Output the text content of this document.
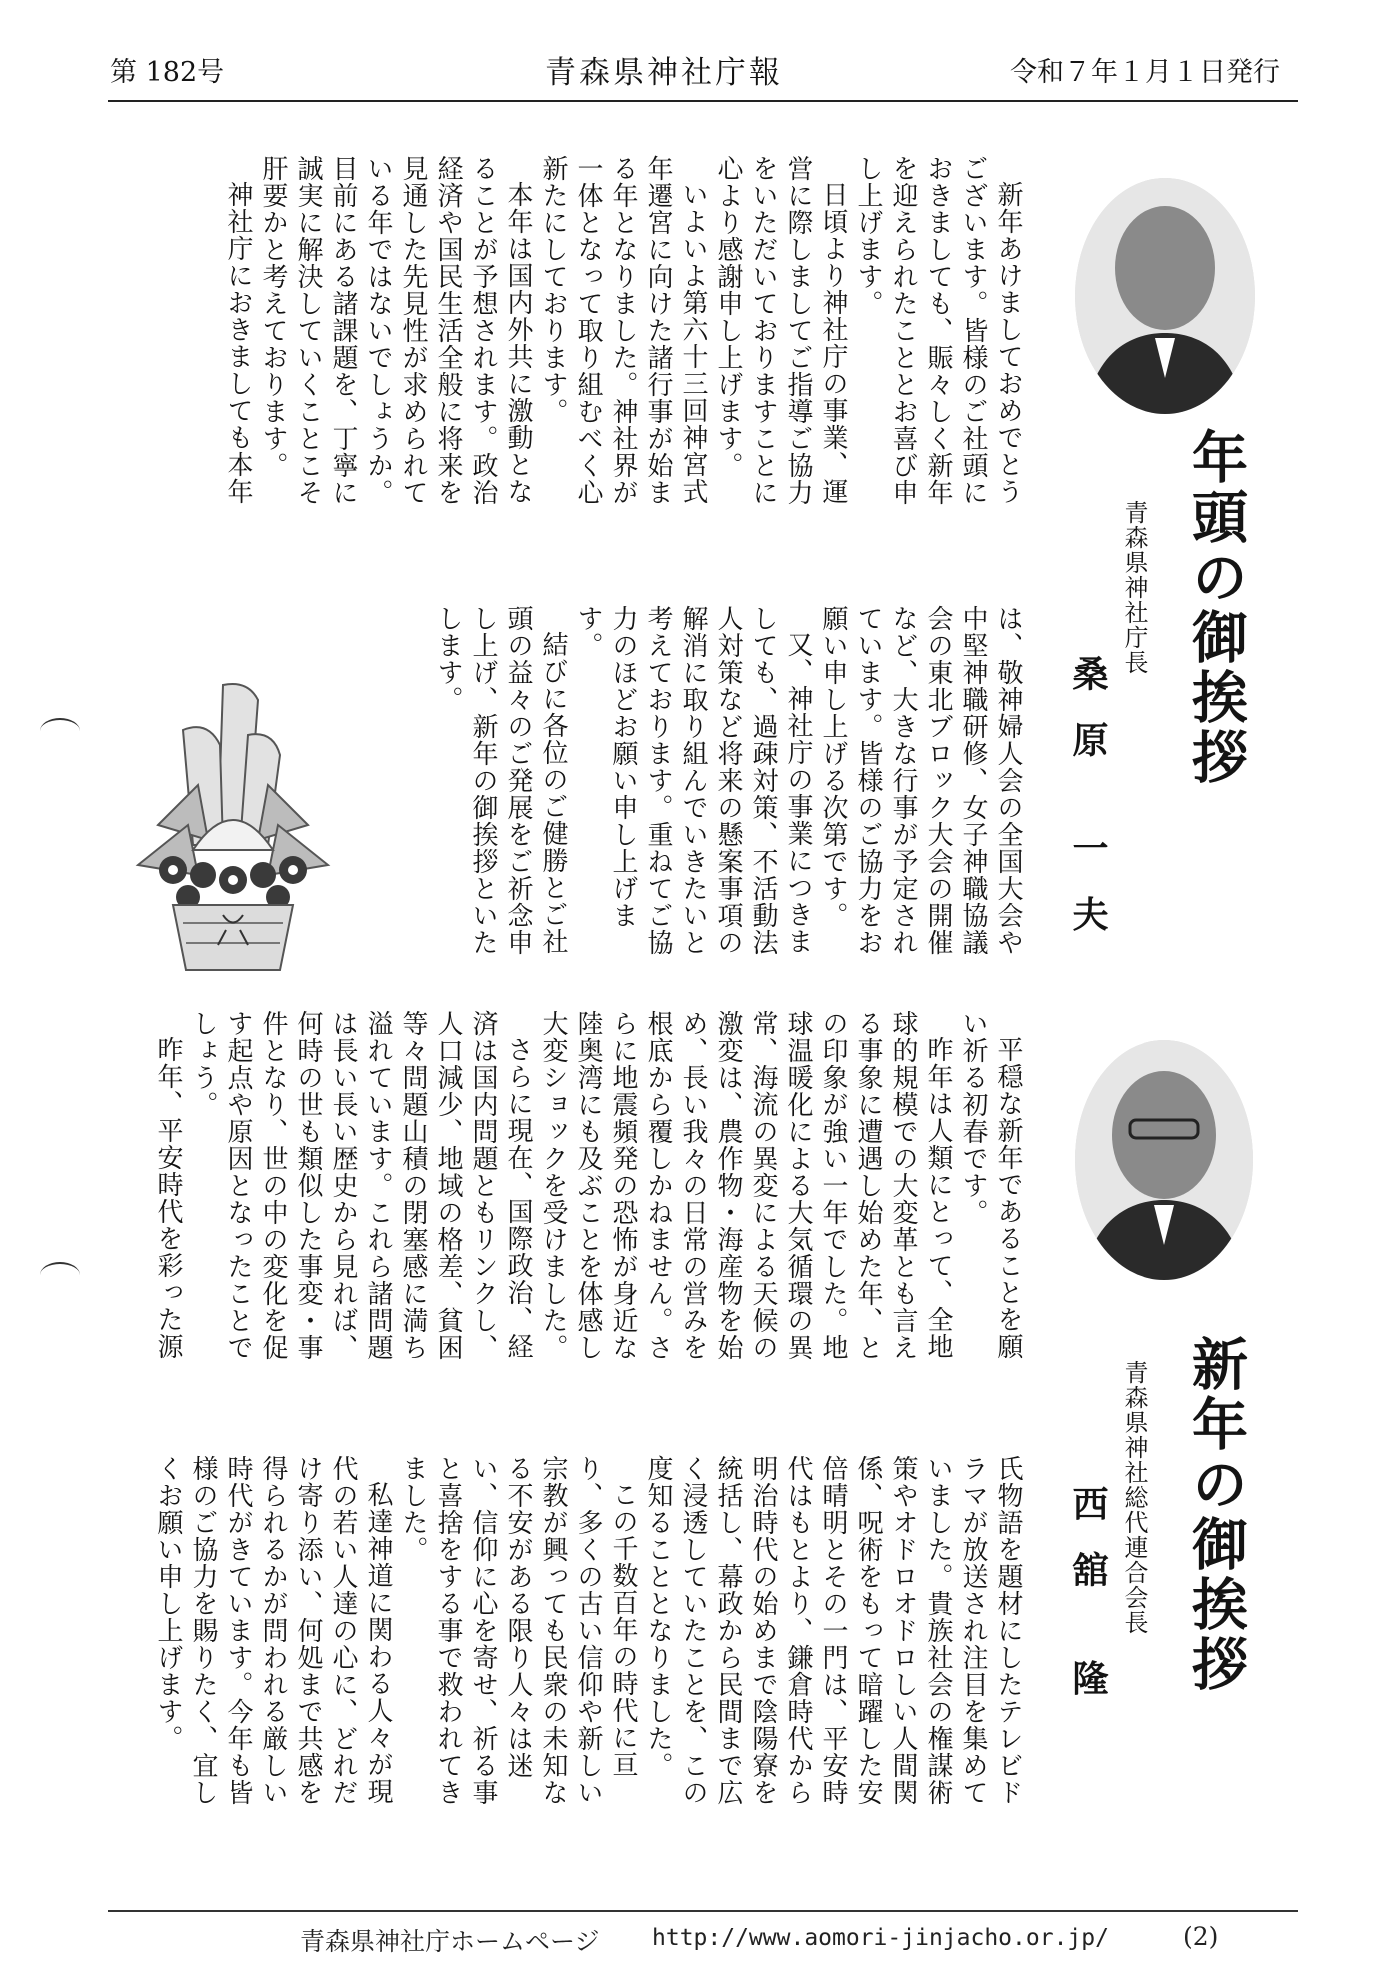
第 182号	青森県神社庁報	令和７年１月１日発行
年頭の御挨拶
青森県神社庁長
桑原 一夫

新年あけましておめでとうございます。皆様のご社頭におきましても、賑々しく新年を迎えられたこととお喜び申し上げます。

日頃より神社庁の事業、運営に際しましてご指導ご協力をいただいておりますことに心より感謝申し上げます。

いよいよ第六十三回神宮式年遷宮に向けた諸行事が始まる年となりました。神社界が一体となって取り組むべく心新たにしております。

本年は国内外共に激動となることが予想されます。政治経済や国民生活全般に将来を見通した先見性が求められている年ではないでしょうか。目前にある諸課題を、丁寧に誠実に解決していくことこそ肝要かと考えております。

神社庁におきましても本年

は、敬神婦人会の全国大会や中堅神職研修、女子神職協議会の東北ブロック大会の開催など、大きな行事が予定されています。皆様のご協力をお願い申し上げる次第です。

又、神社庁の事業につきましても、過疎対策、不活動法人対策など将来の懸案事項の解消に取り組んでいきたいと考えております。重ねてご協力のほどお願い申し上げます。

結びに各位のご健勝とご社頭の益々のご発展をご祈念申し上げ、新年の御挨拶といたします。

新年の御挨拶
青森県神社総代連合会長
西舘 隆

平穏な新年であることを願い祈る初春です。

昨年は人類にとって、全地球的規模での大変革とも言える事象に遭遇し始めた年、との印象が強い一年でした。地球温暖化による大気循環の異常、海流の異変による天候の激変は、農作物・海産物を始め、長い我々の日常の営みを根底から覆しかねません。さらに地震頻発の恐怖が身近な陸奥湾にも及ぶことを体感し大変ショックを受けました。

さらに現在、国際政治、経済は国内問題ともリンクし、人口減少、地域の格差、貧困等々問題山積の閉塞感に満ち溢れています。これら諸問題は長い長い歴史から見れば、何時の世も類似した事変・事件となり、世の中の変化を促す起点や原因となったことでしょう。

昨年、平安時代を彩った源

氏物語を題材にしたテレビドラマが放送され注目を集めていました。貴族社会の権謀術策やオドロオドロしい人間関係、呪術をもって暗躍した安倍晴明とその一門は、平安時代はもとより、鎌倉時代から明治時代の始めまで陰陽寮を統括し、幕政から民間まで広く浸透していたことを、この度知ることとなりました。

この千数百年の時代に亘り、多くの古い信仰や新しい宗教が興っても民衆の未知なる不安がある限り人々は迷い、信仰に心を寄せ、祈る事と喜捨をする事で救われてきました。

私達神道に関わる人々が現代の若い人達の心に、どれだけ寄り添い、何処まで共感を得られるかが問われる厳しい時代がきています。今年も皆様のご協力を賜りたく、宜しくお願い申し上げます。

青森県神社庁ホームページ http://www.aomori-jinjacho.or.jp/	(2)
